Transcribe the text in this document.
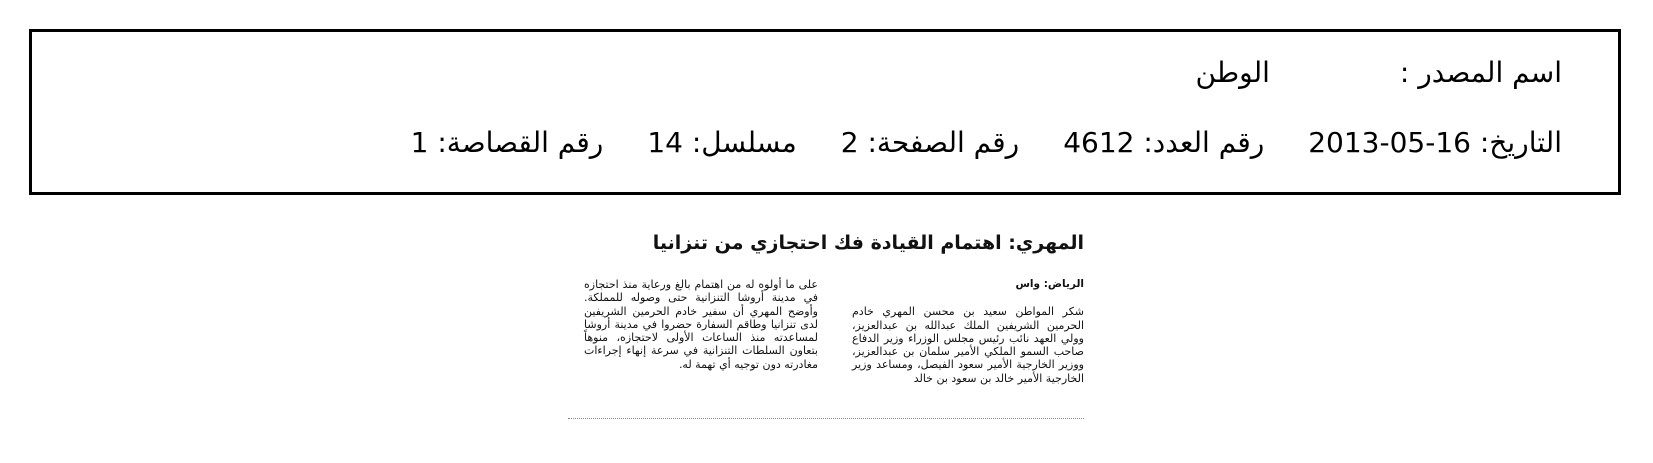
اسم المصدر :الوطن
التاريخ: 2013-05-16رقم العدد: 4612رقم الصفحة: 2مسلسل: 14رقم القصاصة: 1
المهري: اهتمام القيادة فك احتجازي من تنزانيا
الرياض: واس
شكر المواطن سعيد بن محسن المهري خادم الحرمين الشريفين الملك عبدالله بن عبدالعزيز، وولي العهد نائب رئيس مجلس الوزراء وزير الدفاع صاحب السمو الملكي الأمير سلمان بن عبدالعزيز، ووزير الخارجية الأمير سعود الفيصل، ومساعد وزير الخارجية الأمير خالد بن سعود بن خالد
على ما أولوه له من اهتمام بالغ ورعاية منذ احتجازه في مدينة أروشا التنزانية حتى وصوله للمملكة. وأوضح المهري أن سفير خادم الحرمين الشريفين لدى تنزانيا وطاقم السفارة حضروا في مدينة أروشا لمساعدته منذ الساعات الأولى لاحتجازه، منوهاً بتعاون السلطات التنزانية في سرعة إنهاء إجراءات مغادرته دون توجيه أي تهمة له.
